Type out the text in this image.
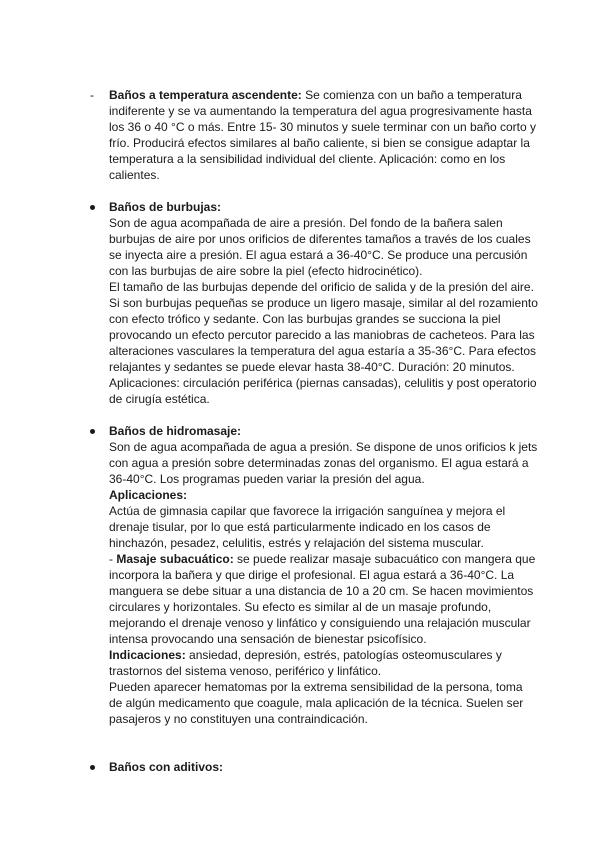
-	Baños a temperatura ascendente: Se comienza con un baño a temperatura indiferente y se va aumentando la temperatura del agua progresivamente hasta los 36 o 40 °C o más. Entre 15- 30 minutos y suele terminar con un baño corto y frío. Producirá efectos similares al baño caliente, si bien se consigue adaptar la temperatura a la sensibilidad individual del cliente. Aplicación: como en los calientes.

Baños de burbujas:

Son de agua acompañada de aire a presión. Del fondo de la bañera salen burbujas de aire por unos orificios de diferentes tamaños a través de los cuales se inyecta aire a presión. El agua estará a 36-40°C. Se produce una percusión con las burbujas de aire sobre la piel (efecto hidrocinético).

El tamaño de las burbujas depende del orificio de salida y de la presión del aire. Si son burbujas pequeñas se produce un ligero masaje, similar al del rozamiento con efecto trófico y sedante. Con las burbujas grandes se succiona la piel provocando un efecto percutor parecido a las maniobras de cacheteos. Para las alteraciones vasculares la temperatura del agua estaría a 35-36°C. Para efectos relajantes y sedantes se puede elevar hasta 38-40°C. Duración: 20 minutos. Aplicaciones: circulación periférica (piernas cansadas), celulitis y post operatorio de cirugía estética.

Baños de hidromasaje:

Son de agua acompañada de agua a presión. Se dispone de unos orificios k jets con agua a presión sobre determinadas zonas del organismo. El agua estará a 36-40°C. Los programas pueden variar la presión del agua.

Aplicaciones:

Actúa de gimnasia capilar que favorece la irrigación sanguínea y mejora el drenaje tisular, por lo que está particularmente indicado en los casos de hinchazón, pesadez, celulitis, estrés y relajación del sistema muscular.

- Masaje subacuático: se puede realizar masaje subacuático con mangera que incorpora la bañera y que dirige el profesional. El agua estará a 36-40°C. La manguera se debe situar a una distancia de 10 a 20 cm. Se hacen movimientos circulares y horizontales. Su efecto es similar al de un masaje profundo, mejorando el drenaje venoso y linfático y consiguiendo una relajación muscular intensa provocando una sensación de bienestar psicofísico.

Indicaciones: ansiedad, depresión, estrés, patologías osteomusculares y trastornos del sistema venoso, periférico y linfático.

Pueden aparecer hematomas por la extrema sensibilidad de la persona, toma de algún medicamento que coagule, mala aplicación de la técnica. Suelen ser pasajeros y no constituyen una contraindicación.

Baños con aditivos:
